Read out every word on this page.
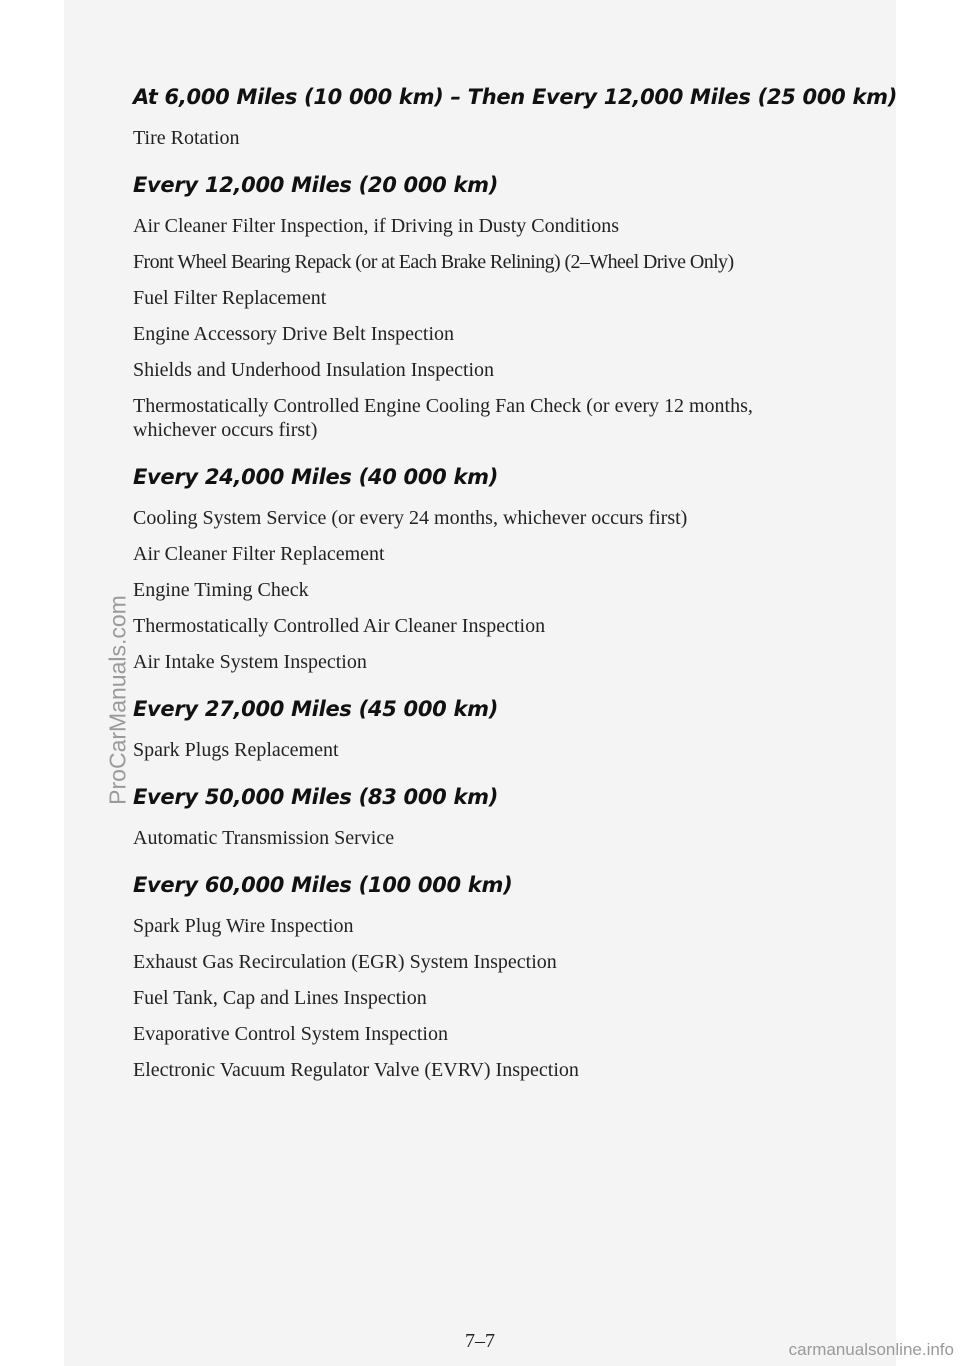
At 6,000 Miles (10 000 km) – Then Every 12,000 Miles (25 000 km)
Tire Rotation
Every 12,000 Miles (20 000 km)
Air Cleaner Filter Inspection, if Driving in Dusty Conditions
Front Wheel Bearing Repack (or at Each Brake Relining) (2–Wheel Drive Only)
Fuel Filter Replacement
Engine Accessory Drive Belt Inspection
Shields and Underhood Insulation Inspection
Thermostatically Controlled Engine Cooling Fan Check (or every 12 months, whichever occurs first)
Every 24,000 Miles (40 000 km)
Cooling System Service (or every 24 months, whichever occurs first)
Air Cleaner Filter Replacement
Engine Timing Check
Thermostatically Controlled Air Cleaner Inspection
Air Intake System Inspection
Every 27,000 Miles (45 000 km)
Spark Plugs Replacement
Every 50,000 Miles (83 000 km)
Automatic Transmission Service
Every 60,000 Miles (100 000 km)
Spark Plug Wire Inspection
Exhaust Gas Recirculation (EGR) System Inspection
Fuel Tank, Cap and Lines Inspection
Evaporative Control System Inspection
Electronic Vacuum Regulator Valve (EVRV) Inspection
7–7
ProCarManuals.com
carmanualsonline.info
